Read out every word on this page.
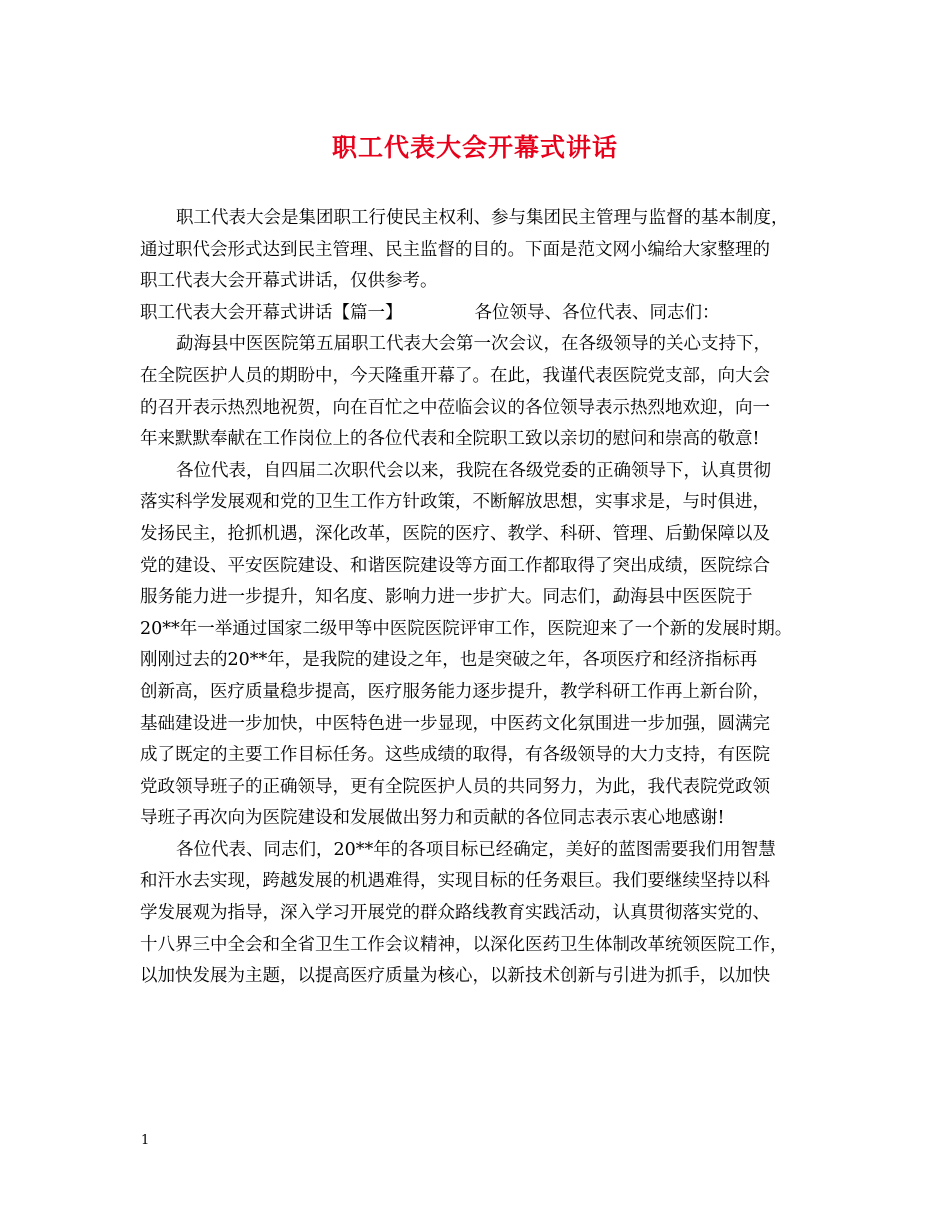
职工代表大会开幕式讲话
职工代表大会是集团职工行使民主权利、参与集团民主管理与监督的基本制度，
通过职代会形式达到民主管理、民主监督的目的。下面是范文网小编给大家整理的
职工代表大会开幕式讲话，仅供参考。
职工代表大会开幕式讲话【篇一】	各位领导、各位代表、同志们：
勐海县中医医院第五届职工代表大会第一次会议，在各级领导的关心支持下，
在全院医护人员的期盼中，今天隆重开幕了。在此，我谨代表医院党支部，向大会
的召开表示热烈地祝贺，向在百忙之中莅临会议的各位领导表示热烈地欢迎，向一
年来默默奉献在工作岗位上的各位代表和全院职工致以亲切的慰问和崇高的敬意!
各位代表，自四届二次职代会以来，我院在各级党委的正确领导下，认真贯彻
落实科学发展观和党的卫生工作方针政策，不断解放思想，实事求是，与时俱进，
发扬民主，抢抓机遇，深化改革，医院的医疗、教学、科研、管理、后勤保障以及
党的建设、平安医院建设、和谐医院建设等方面工作都取得了突出成绩，医院综合
服务能力进一步提升，知名度、影响力进一步扩大。同志们，勐海县中医医院于
20**年一举通过国家二级甲等中医院医院评审工作，医院迎来了一个新的发展时期。
刚刚过去的20**年，是我院的建设之年，也是突破之年，各项医疗和经济指标再
创新高，医疗质量稳步提高，医疗服务能力逐步提升，教学科研工作再上新台阶，
基础建设进一步加快，中医特色进一步显现，中医药文化氛围进一步加强，圆满完
成了既定的主要工作目标任务。这些成绩的取得，有各级领导的大力支持，有医院
党政领导班子的正确领导，更有全院医护人员的共同努力，为此，我代表院党政领
导班子再次向为医院建设和发展做出努力和贡献的各位同志表示衷心地感谢!
各位代表、同志们，20**年的各项目标已经确定，美好的蓝图需要我们用智慧
和汗水去实现，跨越发展的机遇难得，实现目标的任务艰巨。我们要继续坚持以科
学发展观为指导，深入学习开展党的群众路线教育实践活动，认真贯彻落实党的、
十八界三中全会和全省卫生工作会议精神，以深化医药卫生体制改革统领医院工作，
以加快发展为主题，以提高医疗质量为核心，以新技术创新与引进为抓手，以加快
1
